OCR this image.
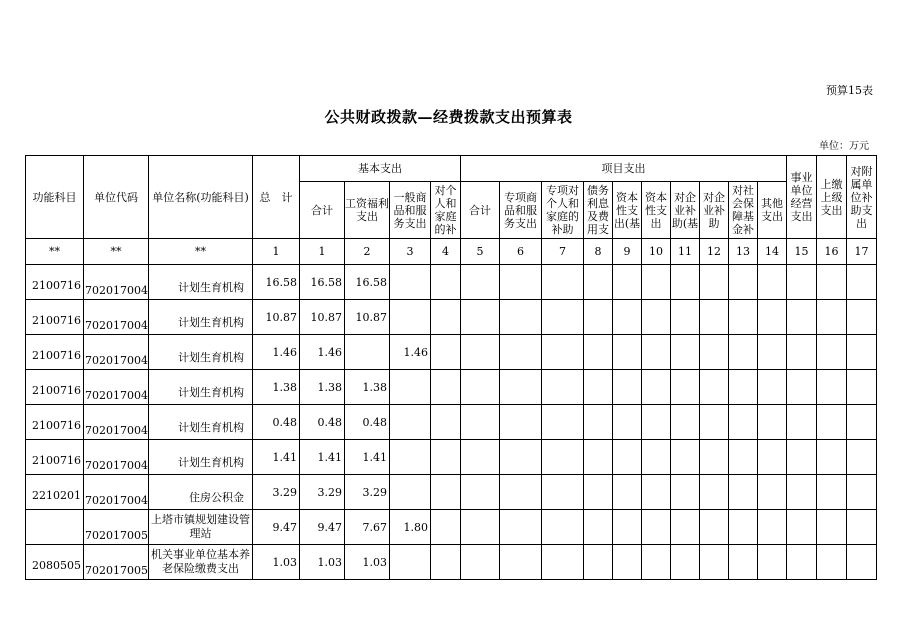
预算15表
公共财政拨款—经费拨款支出预算表
单位：万元
功能科目	单位代码	单位名称(功能科目)	总　计	基本支出				项目支出										事业单位经营支出	上缴上级支出	对附属单位补助支出
				合计	工资福利支出	一般商品和服务支出	对个人和家庭的补	合计	专项商品和服务支出	专项对个人和家庭的补助	债务利息及费用支	资本性支出(基	资本性支出	对企业补助(基	对企业补助	对社会保障基金补	其他支出			
**	**	**	1	1	2	3	4	5	6	7	8	9	10	11	12	13	14	15	16	17
2100716	702017004	计划生育机构	16.58	16.58	16.58															
2100716	702017004	计划生育机构	10.87	10.87	10.87															
2100716	702017004	计划生育机构	1.46	1.46		1.46														
2100716	702017004	计划生育机构	1.38	1.38	1.38															
2100716	702017004	计划生育机构	0.48	0.48	0.48															
2100716	702017004	计划生育机构	1.41	1.41	1.41															
2210201	702017004	住房公积金	3.29	3.29	3.29															
	702017005	上塔市镇规划建设管理站	9.47	9.47	7.67	1.80														
2080505	702017005	机关事业单位基本养老保险缴费支出	1.03	1.03	1.03															
